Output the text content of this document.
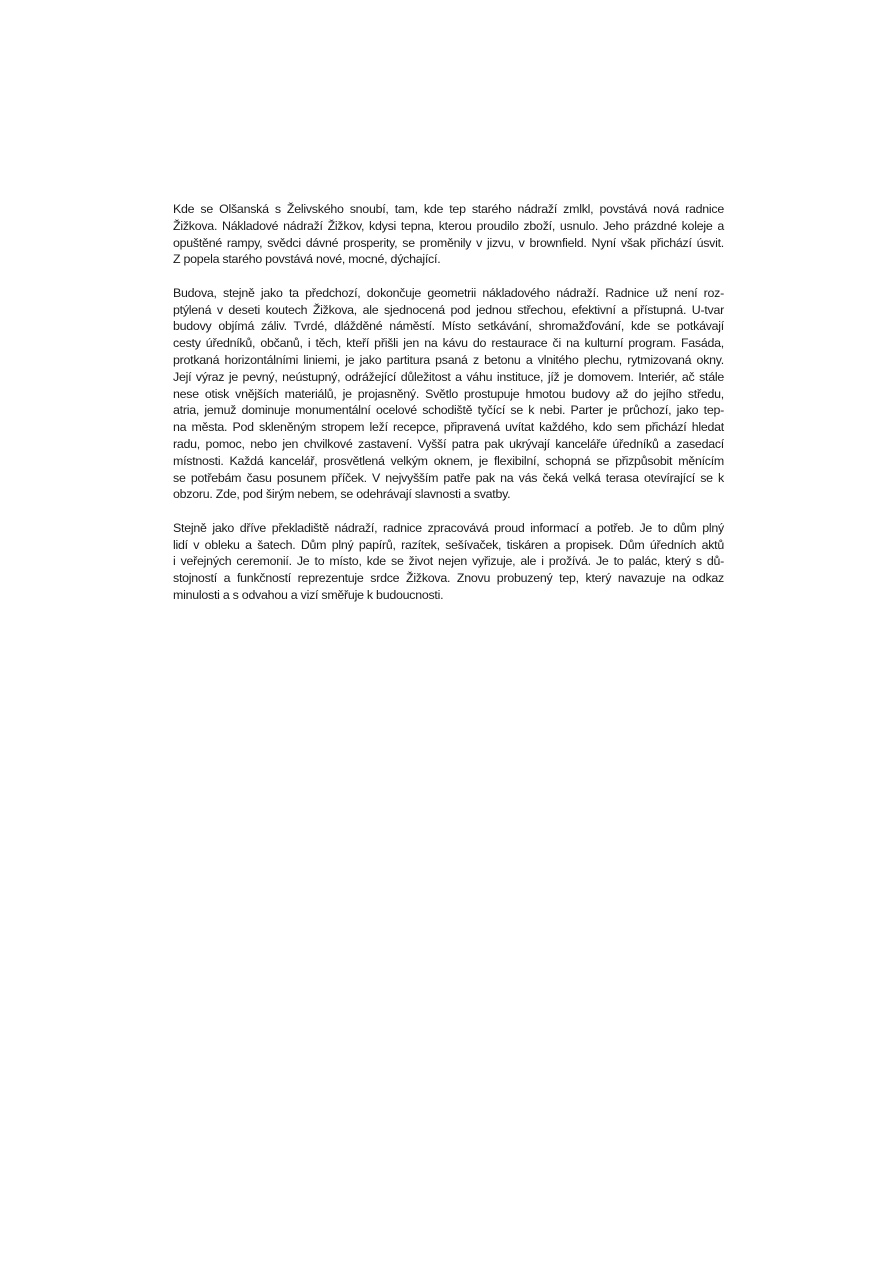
Kde se Olšanská s Želivského snoubí, tam, kde tep starého nádraží zmlkl, povstává nová radnice
Žižkova. Nákladové nádraží Žižkov, kdysi tepna, kterou proudilo zboží, usnulo. Jeho prázdné koleje a
opuštěné rampy, svědci dávné prosperity, se proměnily v jizvu, v brownfield. Nyní však přichází úsvit.
Z popela starého povstává nové, mocné, dýchající.
Budova, stejně jako ta předchozí, dokončuje geometrii nákladového nádraží. Radnice už není roz-
ptýlená v deseti koutech Žižkova, ale sjednocená pod jednou střechou, efektivní a přístupná. U-tvar
budovy objímá záliv. Tvrdé, dlážděné náměstí. Místo setkávání, shromažďování, kde se potkávají
cesty úředníků, občanů, i těch, kteří přišli jen na kávu do restaurace či na kulturní program. Fasáda,
protkaná horizontálními liniemi, je jako partitura psaná z betonu a vlnitého plechu, rytmizovaná okny.
Její výraz je pevný, neústupný, odrážející důležitost a váhu instituce, jíž je domovem. Interiér, ač stále
nese otisk vnějších materiálů, je projasněný. Světlo prostupuje hmotou budovy až do jejího středu,
atria, jemuž dominuje monumentální ocelové schodiště tyčící se k nebi. Parter je průchozí, jako tep-
na města. Pod skleněným stropem leží recepce, připravená uvítat každého, kdo sem přichází hledat
radu, pomoc, nebo jen chvilkové zastavení. Vyšší patra pak ukrývají kanceláře úředníků a zasedací
místnosti. Každá kancelář, prosvětlená velkým oknem, je flexibilní, schopná se přizpůsobit měnícím
se potřebám času posunem příček. V nejvyšším patře pak na vás čeká velká terasa otevírající se k
obzoru. Zde, pod širým nebem, se odehrávají slavnosti a svatby.
Stejně jako dříve překladiště nádraží, radnice zpracovává proud informací a potřeb. Je to dům plný
lidí v obleku a šatech. Dům plný papírů, razítek, sešívaček, tiskáren a propisek. Dům úředních aktů
i veřejných ceremonií. Je to místo, kde se život nejen vyřizuje, ale i prožívá. Je to palác, který s dů-
stojností a funkčností reprezentuje srdce Žižkova. Znovu probuzený tep, který navazuje na odkaz
minulosti a s odvahou a vizí směřuje k budoucnosti.
